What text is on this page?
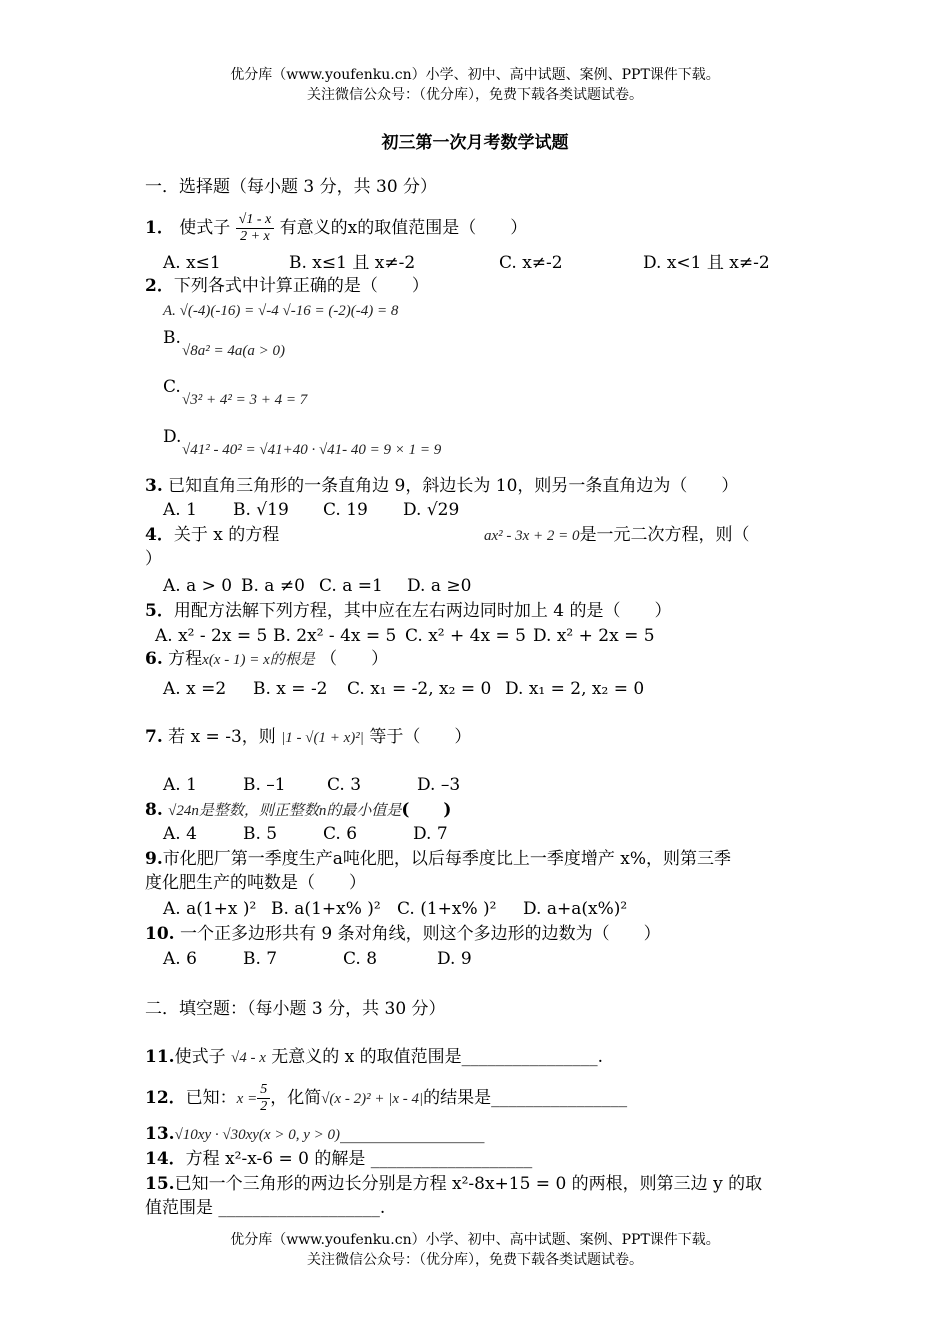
优分库（www.youfenku.cn）小学、初中、高中试题、案例、PPT课件下载。
关注微信公众号：（优分库），免费下载各类试题试卷。
初三第一次月考数学试题
一．选择题（每小题 3 分，共 30 分）
1． 使式子 $\frac{√1 - x}{2 + x}$ 有意义的x的取值范围是（　　）
A. x≤1	B. x≤1 且 x≠-2	C. x≠-2	D. x<1 且 x≠-2
2．下列各式中计算正确的是（　　）
A. √(-4)(-16) = √-4 √-16 = (-2)(-4) = 8
B.
√8a² = 4a(a > 0)
C.
√3² + 4² = 3 + 4 = 7
D.
√41² - 40² = √41+40 · √41- 40 = 9 × 1 = 9
3. 已知直角三角形的一条直角边 9，斜边长为 10，则另一条直角边为（　　）
A. 1 B. √19 C. 19 D. √29
4．关于 x 的方程	ax² - 3x + 2 = 0是一元二次方程，则（
）
A. a > 0 B. a ≠0 C. a =1 D. a ≥0
5．用配方法解下列方程，其中应在左右两边同时加上 4 的是（　　）
A. x² - 2x = 5 B. 2x² - 4x = 5 C. x² + 4x = 5 D. x² + 2x = 5
6. 方程x(x - 1) = x的根是 （　　）
A. x =2 B. x = -2 C. x₁ = -2, x₂ = 0 D. x₁ = 2, x₂ = 0
7. 若 x = -3，则 |1 - √(1 + x)²| 等于（　　）
A. 1	B. –1 C. 3	D. –3
8. √24n是整数，则正整数n的最小值是(　　)
A. 4	B. 5	C. 6	D. 7
9.市化肥厂第一季度生产a吨化肥，以后每季度比上一季度增产 x%，则第三季
度化肥生产的吨数是（　　）
A. a(1+x )² B. a(1+x% )² C. (1+x% )² D. a+a(x%)²
10. 一个正多边形共有 9 条对角线，则这个多边形的边数为（　　）
A. 6	B. 7	C. 8	D. 9
二．填空题：（每小题 3 分，共 30 分）
11.使式子 √4 - x 无意义的 x 的取值范围是________________.
12．已知：$x = \frac{5}{2}$ ，化简√(x - 2)² + |x - 4|的结果是________________
13.√10xy · √30xy(x > 0, y > 0)_________________
14．方程 x²-x-6 = 0 的解是 ___________________
15.已知一个三角形的两边长分别是方程 x²-8x+15 = 0 的两根，则第三边 y 的取
值范围是 ___________________.
优分库（www.youfenku.cn）小学、初中、高中试题、案例、PPT课件下载。
关注微信公众号：（优分库），免费下载各类试题试卷。
